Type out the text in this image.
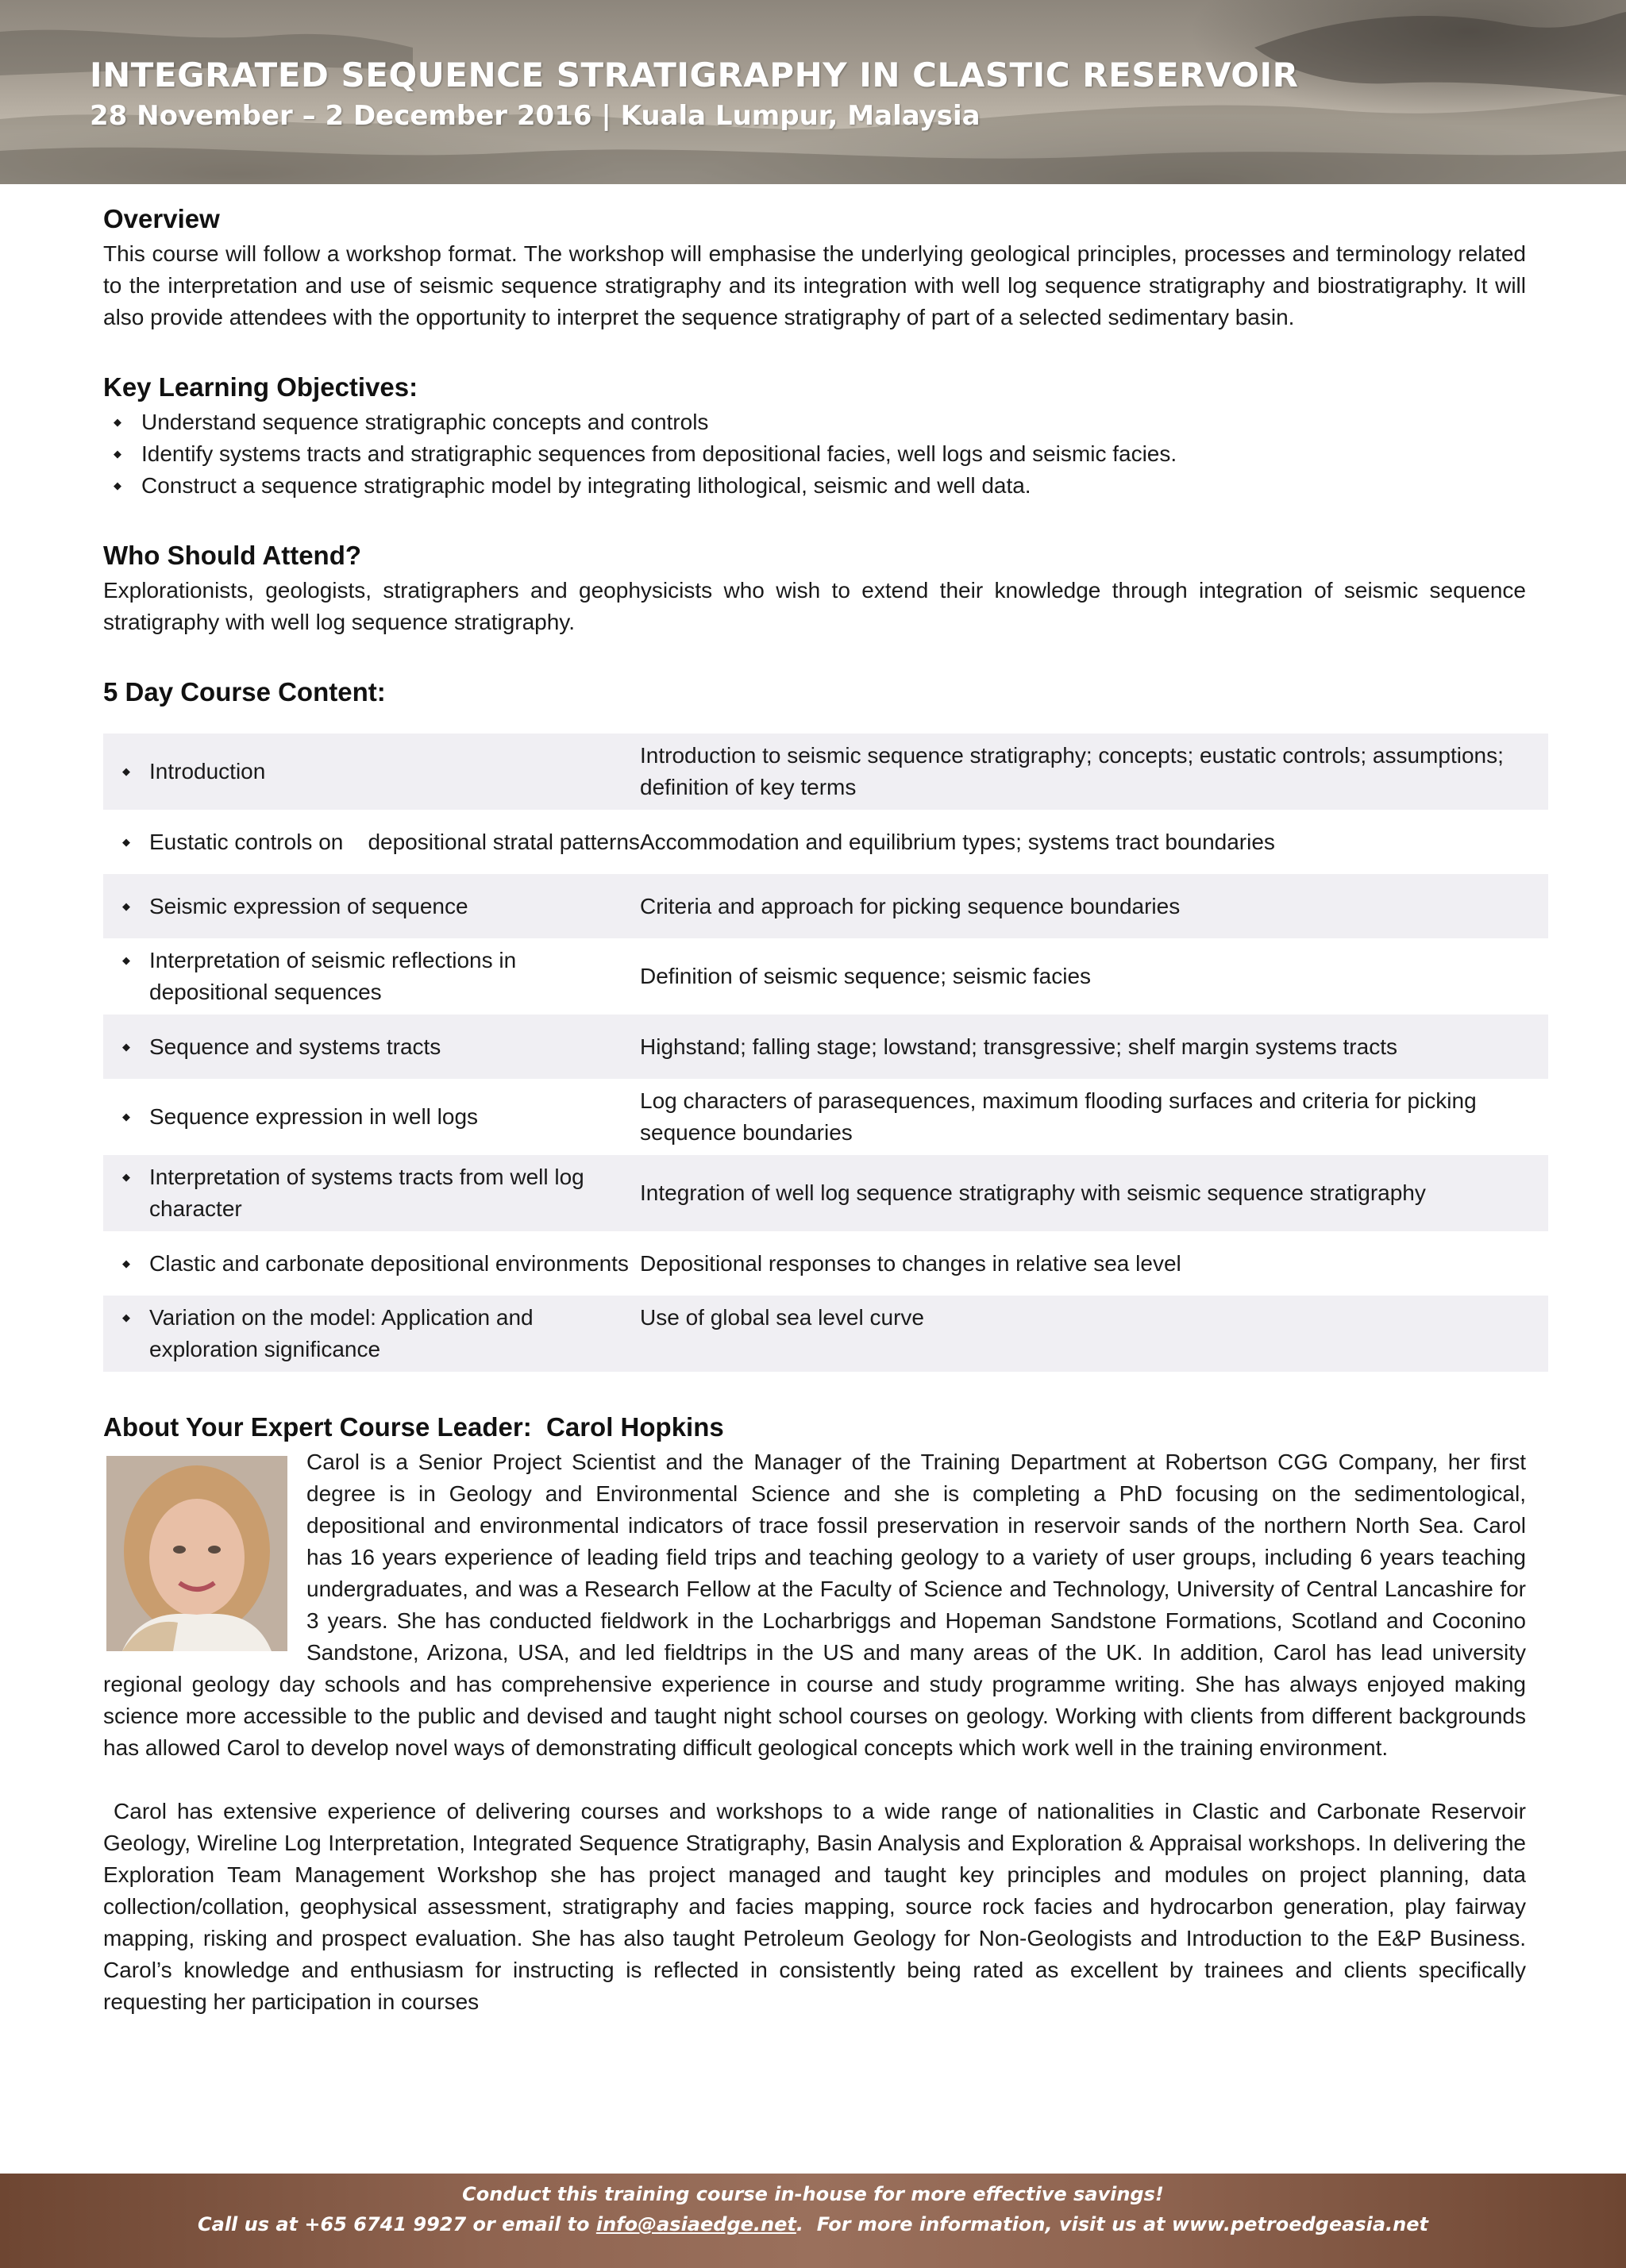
INTEGRATED SEQUENCE STRATIGRAPHY IN CLASTIC RESERVOIR
28 November – 2 December 2016 | Kuala Lumpur, Malaysia
Overview

This course will follow a workshop format. The workshop will emphasise the underlying geological principles, processes and terminology related to the interpretation and use of seismic sequence stratigraphy and its integration with well log sequence stratigraphy and biostratigraphy. It will also provide attendees with the opportunity to interpret the sequence stratigraphy of part of a selected sedimentary basin.

Key Learning Objectives:
◆ Understand sequence stratigraphic concepts and controls
◆ Identify systems tracts and stratigraphic sequences from depositional facies, well logs and seismic facies.
◆ Construct a sequence stratigraphic model by integrating lithological, seismic and well data.
Who Should Attend?

Explorationists, geologists, stratigraphers and geophysicists who wish to extend their knowledge through integration of seismic sequence stratigraphy with well log sequence stratigraphy.

5 Day Course Content:
◆ Introduction	Introduction to seismic sequence stratigraphy; concepts; eustatic controls; assumptions; definition of key terms

◆ Eustatic controls on    depositional stratal patterns	Accommodation and equilibrium types; systems tract boundaries

◆ Seismic expression of sequence	Criteria and approach for picking sequence boundaries

◆ Interpretation of seismic reflections in depositional sequences	Definition of seismic sequence; seismic facies

◆ Sequence and systems tracts	Highstand; falling stage; lowstand; transgressive; shelf margin systems tracts

◆ Sequence expression in well logs	Log characters of parasequences, maximum flooding surfaces and criteria for picking sequence boundaries

◆ Interpretation of systems tracts from well log character	Integration of well log sequence stratigraphy with seismic sequence stratigraphy

◆ Clastic and carbonate depositional environments	Depositional responses to changes in relative sea level

◆ Variation on the model: Application and exploration significance	Use of global sea level curve
About Your Expert Course Leader:  Carol Hopkins

Carol is a Senior Project Scientist and the Manager of the Training Department at Robertson CGG Company, her first degree is in Geology and Environmental Science and she is completing a PhD focusing on the sedimentological, depositional and environmental indicators of trace fossil preservation in reservoir sands of the northern North Sea. Carol has 16 years experience of leading field trips and teaching geology to a variety of user groups, including 6 years teaching undergraduates, and was a Research Fellow at the Faculty of Science and Technology, University of Central Lancashire for 3 years. She has conducted fieldwork in the Locharbriggs and Hopeman Sandstone Formations, Scotland and Coconino Sandstone, Arizona, USA, and led fieldtrips in the US and many areas of the UK. In addition, Carol has lead university regional geology day schools and has comprehensive experience in course and study programme writing. She has always enjoyed making science more accessible to the public and devised and taught night school courses on geology. Working with clients from different backgrounds has allowed Carol to develop novel ways of demonstrating difficult geological concepts which work well in the training environment.

Carol has extensive experience of delivering courses and workshops to a wide range of nationalities in Clastic and Carbonate Reservoir Geology, Wireline Log Interpretation, Integrated Sequence Stratigraphy, Basin Analysis and Exploration & Appraisal workshops. In delivering the Exploration Team Management Workshop she has project managed and taught key principles and modules on project planning, data collection/collation, geophysical assessment, stratigraphy and facies mapping, source rock facies and hydrocarbon generation, play fairway mapping, risking and prospect evaluation. She has also taught Petroleum Geology for Non-Geologists and Introduction to the E&P Business.  Carol’s knowledge and enthusiasm for instructing is reflected in consistently being rated as excellent by trainees and clients specifically requesting her participation in courses

Conduct this training course in-house for more effective savings!
Call us at +65 6741 9927 or email to info@asiaedge.net.  For more information, visit us at www.petroedgeasia.net
